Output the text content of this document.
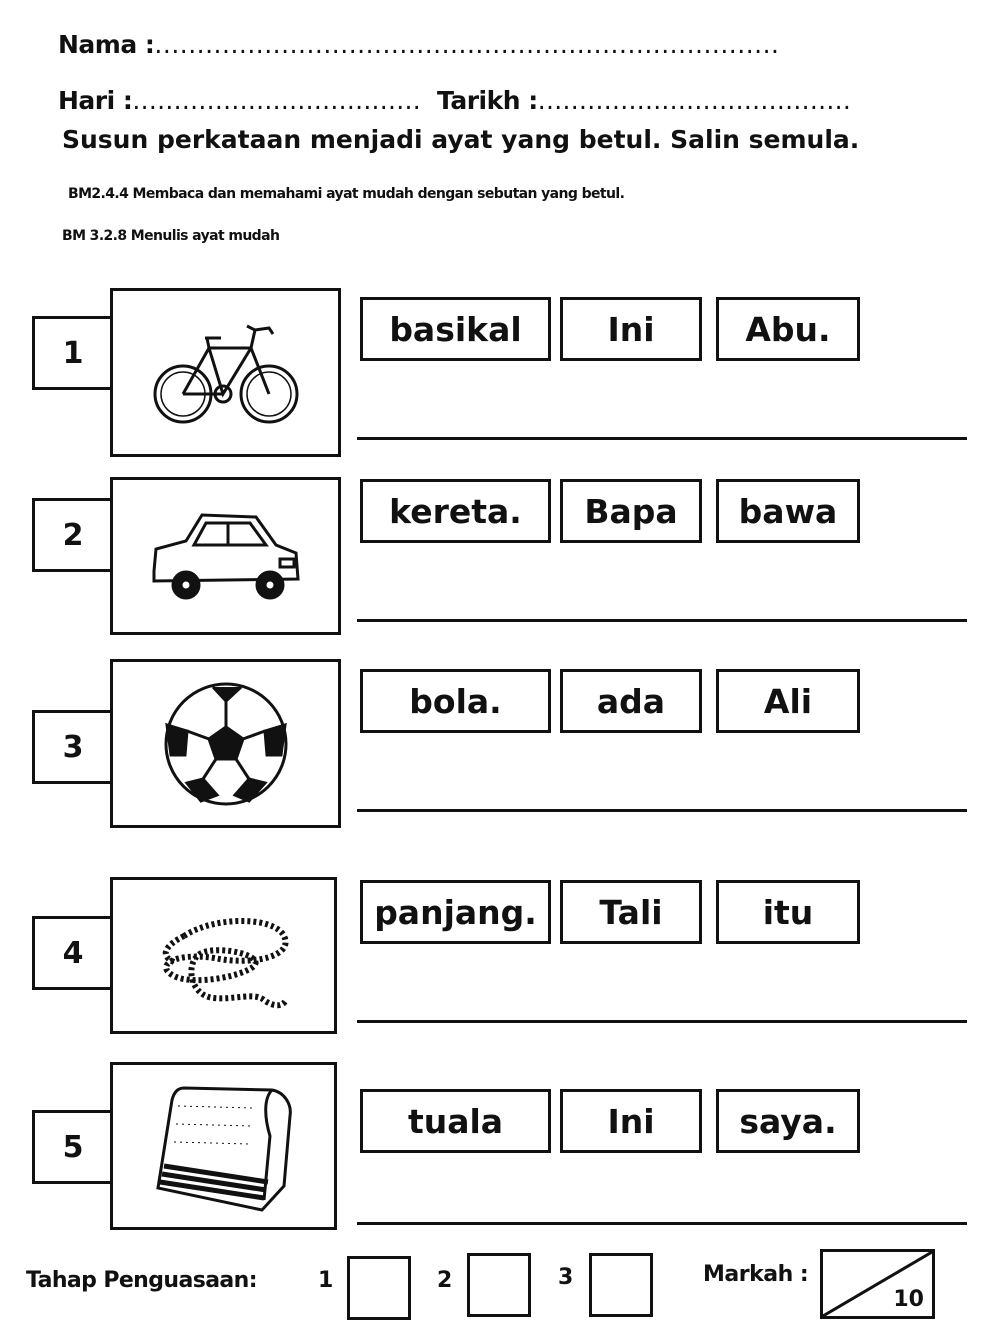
Nama :..........................................................................
Hari :................................... Tarikh :......................................
Susun perkataan menjadi ayat yang betul. Salin semula.
BM2.4.4 Membaca dan memahami ayat mudah dengan sebutan yang betul.
BM 3.2.8 Menulis ayat mudah
1
basikal	Ini	Abu.
2
kereta.	Bapa	bawa
3
bola.	ada	Ali
4
panjang.	Tali	itu
5
tuala	Ini	saya.
Tahap Penguasaan:	1	2	3	Markah :
10
